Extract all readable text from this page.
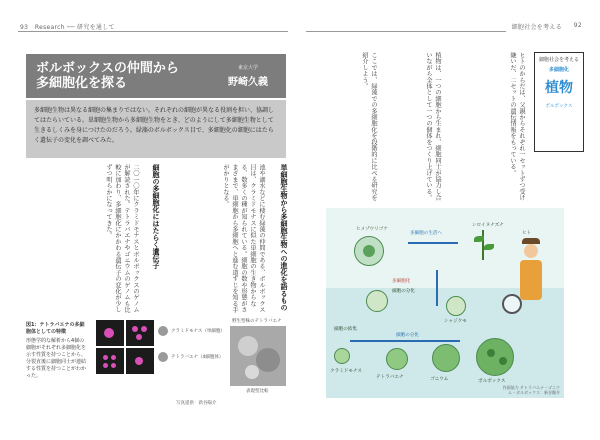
93 Research ── 研究を通して
ボルボックスの仲間から
多細胞化を探る
東京大学
野崎久義
多細胞生物は異なる細胞の集まりではない。それぞれの細胞が異なる役割を担い、協調してはたらいている。単細胞生物から多細胞生物をとき、どのようにして多細胞生物として生きるしくみを身につけたのだろう。緑藻のボルボックス目で、多細胞化の細胞にはたらく遺伝子の変化を調べてみた。
単細胞生物から多細胞生物への進化を語るもの
池や湖水などに棲む緑藻の仲間である、ボルボックス目は、クラミドモナスに似た単細胞の生き物からなる、数多くの種が知られている。細胞の数や形態がさまざまで、単細胞から多細胞へと進む道すじを知る手がかりとなる。
細胞の多細胞化にはたらく遺伝子
二〇一〇年にクラミドモナスとボルボックスのゲノムが解読された。テトラバエナやゴニウムのゲノムも比較に加わり、多細胞化にかかわる遺伝子の変化が少しずつ明らかになってきた。
図1：テトラバエナの多細胞体としての特徴
形態学的な解析から4個の細胞がそれぞれ多細胞化を示す性質を持つことから、分裂直後に細胞同士が連結する性質を持つことがわかった。
クラミドモナス（単細胞）
テトラバエナ（4細胞体）
野生型株のテトラバエナ
表現型比較
写真提供：新谷陽介
細胞社会を考える 92
ヒトのからだは、父親からそれぞれ一セットずつ受け継いだ、二セットの遺伝情報をもっている。
植物は、一つの細胞から生まれ、細胞同士が協力し合いながら全体として一つの個体をつくり上げている。
ここでは、緑藻での多細胞化を段階的に比べる研究を紹介しよう。	細胞社会を考える
多細胞化
植物
ボルボックス
ヒメゾウリゴケ
多細胞の生活へ
シロイヌナズナ
ヒト
多細胞化
細胞の分化
シャジクモ
細胞の結集
細胞の分化
クラミドモナス
テトラバエナ	ゴニウム	ボルボックス
作画協力 テトラバエナ・ゴニウム・ボルボックス：新谷陽介
